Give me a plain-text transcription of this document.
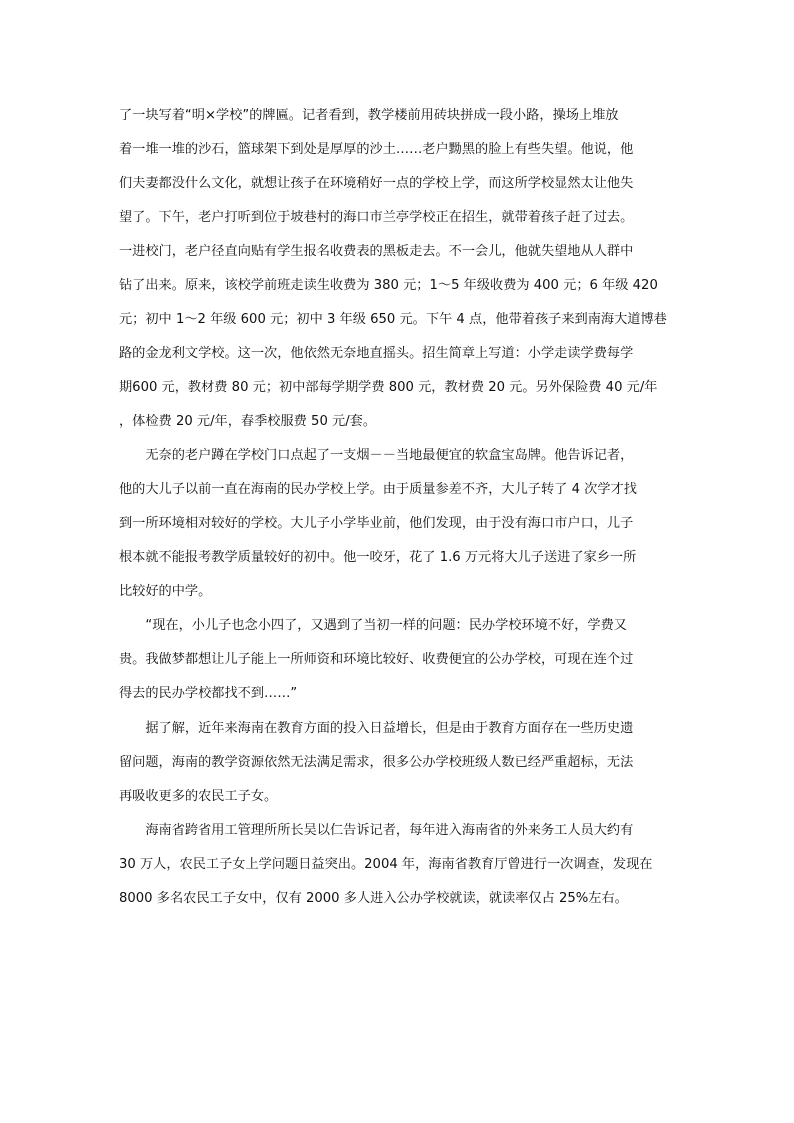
了一块写着“明×学校”的牌匾。记者看到，教学楼前用砖块拼成一段小路，操场上堆放
着一堆一堆的沙石，篮球架下到处是厚厚的沙土……老户黝黑的脸上有些失望。他说，他
们夫妻都没什么文化，就想让孩子在环境稍好一点的学校上学，而这所学校显然太让他失
望了。下午，老户打听到位于坡巷村的海口市兰亭学校正在招生，就带着孩子赶了过去。
一进校门，老户径直向贴有学生报名收费表的黑板走去。不一会儿，他就失望地从人群中
钻了出来。原来，该校学前班走读生收费为 380 元；1～5 年级收费为 400 元；6 年级 420
元；初中 1～2 年级 600 元；初中 3 年级 650 元。下午 4 点，他带着孩子来到南海大道博巷
路的金龙利文学校。这一次，他依然无奈地直摇头。招生简章上写道：小学走读学费每学
期600 元，教材费 80 元；初中部每学期学费 800 元，教材费 20 元。另外保险费 40 元/年
，体检费 20 元/年，春季校服费 50 元/套。
　　无奈的老户蹲在学校门口点起了一支烟－－当地最便宜的软盒宝岛牌。他告诉记者，
他的大儿子以前一直在海南的民办学校上学。由于质量参差不齐，大儿子转了 4 次学才找
到一所环境相对较好的学校。大儿子小学毕业前，他们发现，由于没有海口市户口，儿子
根本就不能报考教学质量较好的初中。他一咬牙，花了 1.6 万元将大儿子送进了家乡一所
比较好的中学。
　　“现在，小儿子也念小四了，又遇到了当初一样的问题：民办学校环境不好，学费又
贵。我做梦都想让儿子能上一所师资和环境比较好、收费便宜的公办学校，可现在连个过
得去的民办学校都找不到……”
　　据了解，近年来海南在教育方面的投入日益增长，但是由于教育方面存在一些历史遗
留问题，海南的教学资源依然无法满足需求，很多公办学校班级人数已经严重超标，无法
再吸收更多的农民工子女。
　　海南省跨省用工管理所所长吴以仁告诉记者，每年进入海南省的外来务工人员大约有
30 万人，农民工子女上学问题日益突出。2004 年，海南省教育厅曾进行一次调查，发现在
8000 多名农民工子女中，仅有 2000 多人进入公办学校就读，就读率仅占 25%左右。
